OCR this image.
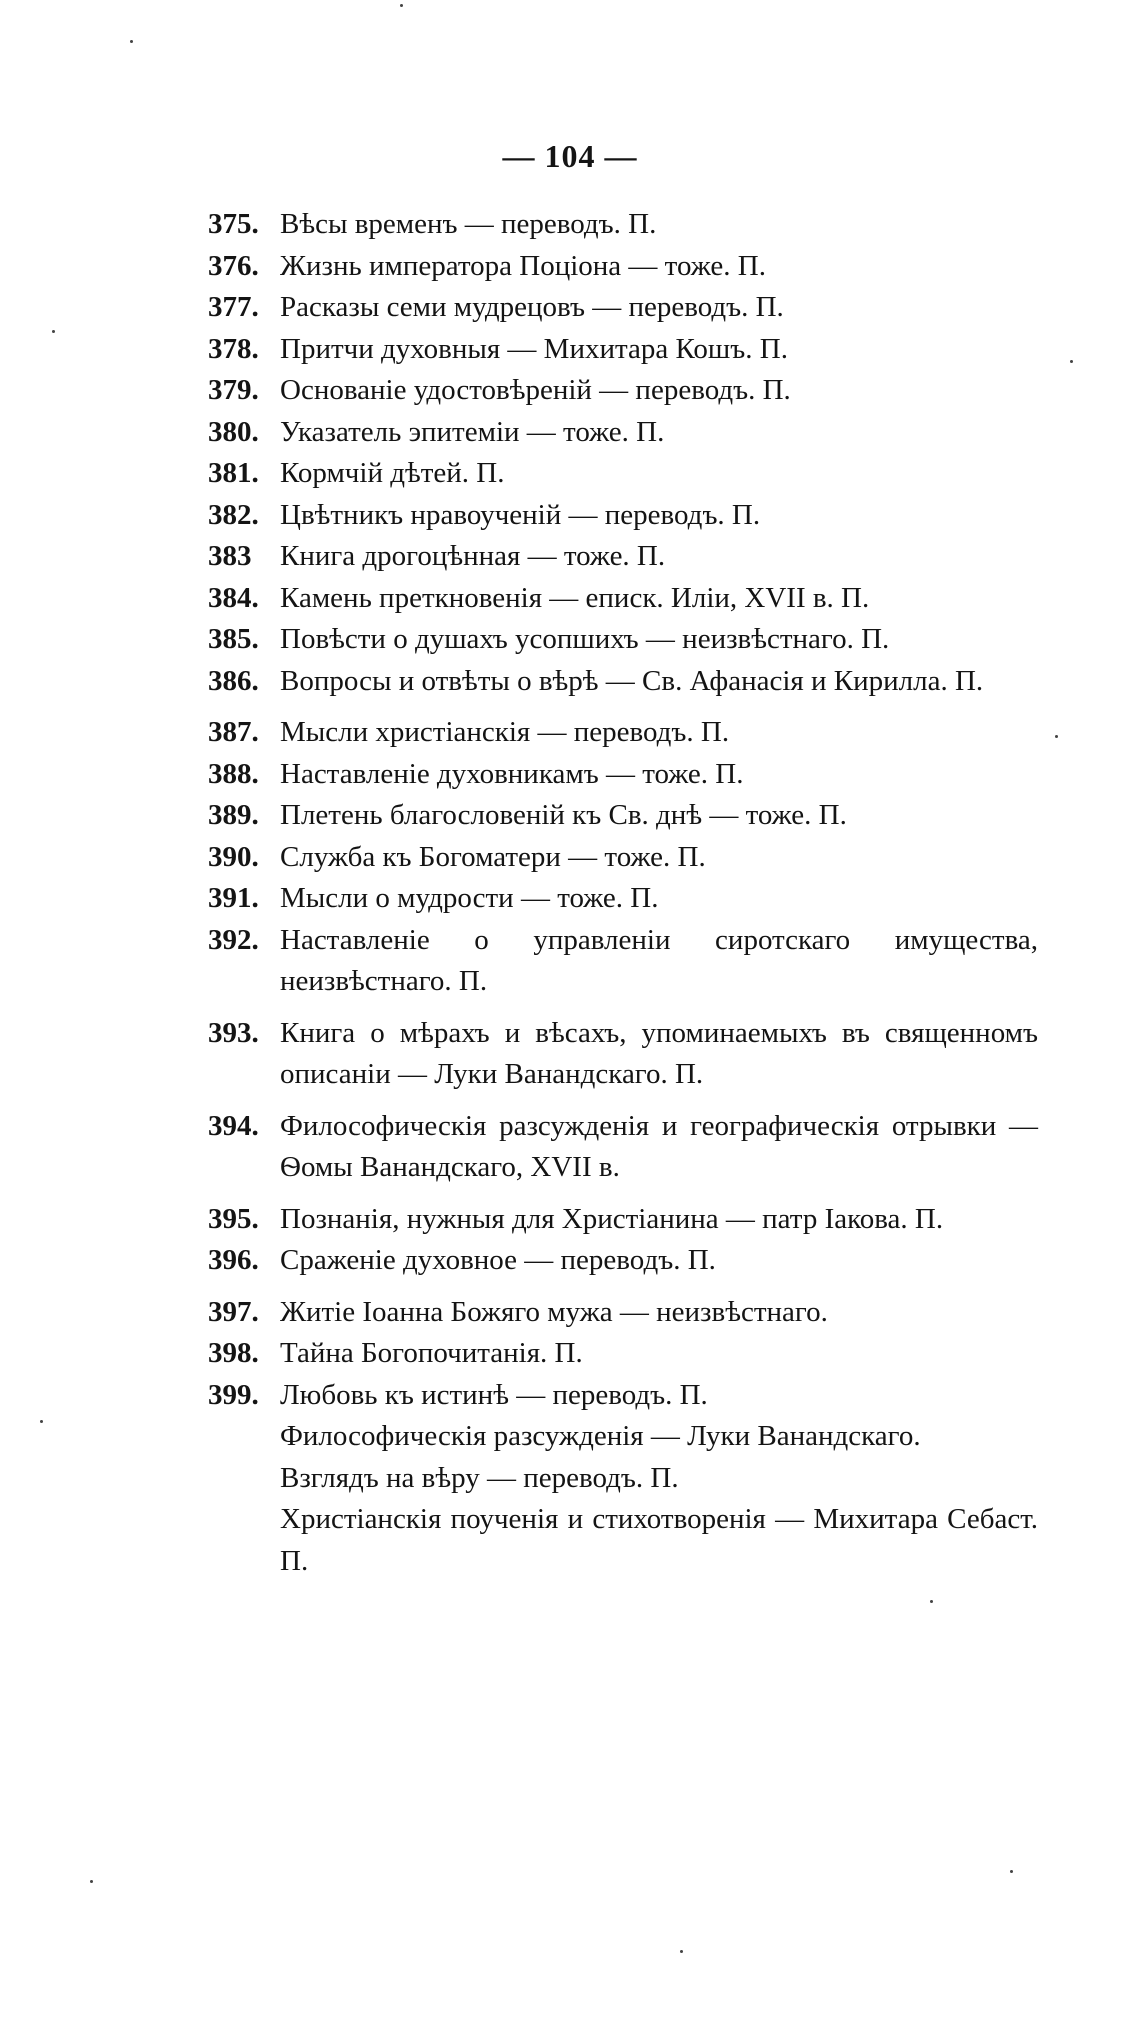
— 104 —
375. Вѣсы временъ — переводъ. П.
376. Жизнь императора Поціона — тоже. П.
377. Расказы семи мудрецовъ — переводъ. П.
378. Притчи духовныя — Михитара Кошъ. П.
379. Основаніе удостовѣреній — переводъ. П.
380. Указатель эпитеміи — тоже. П.
381. Кормчій дѣтей. П.
382. Цвѣтникъ нравоученій — переводъ. П.
383 Книга дрогоцѣнная — тоже. П.
384. Камень преткновенія — еписк. Иліи, XVII в. П.
385. Повѣсти о душахъ усопшихъ — неизвѣстнаго. П.
386. Вопросы и отвѣты о вѣрѣ — Св. Афанасія и Кирилла. П.
387. Мысли христіанскія — переводъ. П.
388. Наставленіе духовникамъ — тоже. П.
389. Плетень благословеній къ Св. днѣ — тоже. П.
390. Служба къ Богоматери — тоже. П.
391. Мысли о мудрости — тоже. П.
392. Наставленіе о управленіи сиротскаго имущества, неизвѣстнаго. П.
393. Книга о мѣрахъ и вѣсахъ, упоминаемыхъ въ священномъ описаніи — Луки Ванандскаго. П.
394. Философическія разсужденія и географическія отрывки — Ѳомы Ванандскаго, XVII в.
395. Познанія, нужныя для Христіанина — патр Іакова. П.
396. Сраженіе духовное — переводъ. П.
397. Житіе Іоанна Божяго мужа — неизвѣстнаго.
398. Тайна Богопочитанія. П.
399. Любовь къ истинѣ — переводъ. П.
Философическія разсужденія — Луки Ванандскаго.
Взглядъ на вѣру — переводъ. П.
Христіанскія поученія и стихотворенія — Михитара Себаст. П.
